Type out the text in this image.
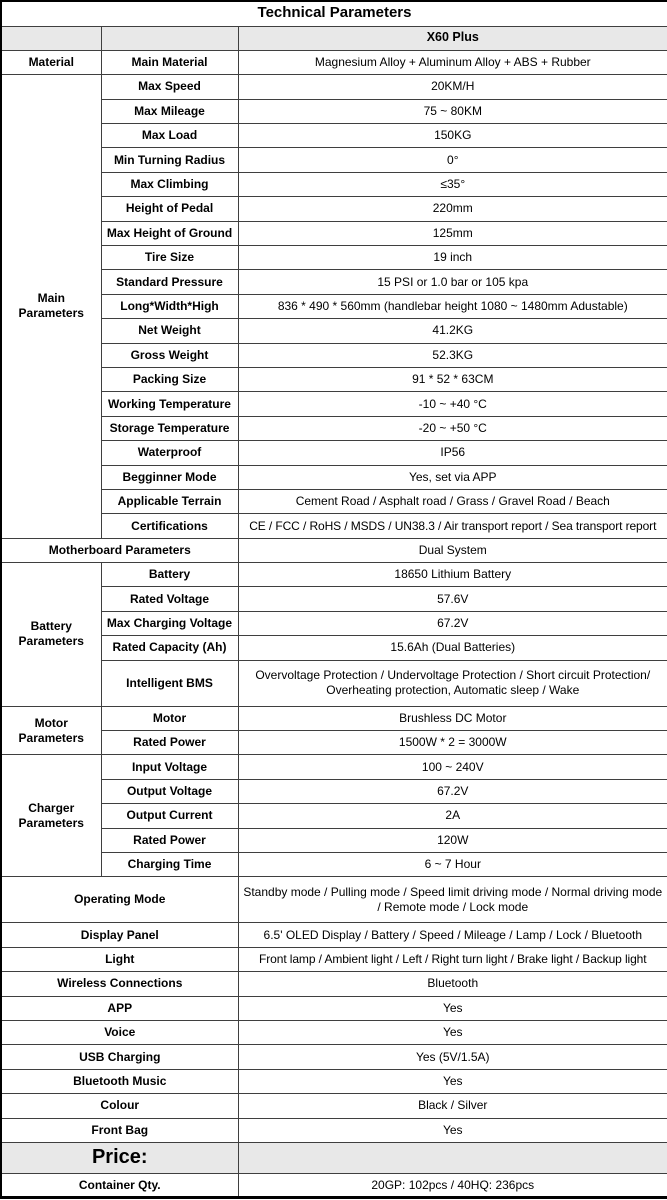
Technical Parameters		
		X60 Plus
Material	Main Material	Magnesium Alloy + Aluminum Alloy + ABS + Rubber
Main Parameters	Max Speed	20KM/H
	Max Mileage	75 ~ 80KM
	Max Load	150KG
	Min Turning Radius	0°
	Max Climbing	≤35°
	Height of Pedal	220mm
	Max Height of Ground	125mm
	Tire Size	19 inch
	Standard Pressure	15 PSI or 1.0 bar or 105 kpa
	Long*Width*High	836 * 490 * 560mm (handlebar height 1080 ~ 1480mm Adustable)
	Net Weight	41.2KG
	Gross Weight	52.3KG
	Packing Size	91 * 52 * 63CM
	Working Temperature	-10 ~ +40 °C
	Storage Temperature	-20 ~ +50 °C
	Waterproof	IP56
	Begginner Mode	Yes, set via APP
	Applicable Terrain	Cement Road / Asphalt road / Grass / Gravel Road / Beach
	Certifications	CE / FCC / RoHS / MSDS / UN38.3 / Air transport report / Sea transport report
Motherboard Parameters		Dual System
Battery Parameters	Battery	18650 Lithium Battery
	Rated Voltage	57.6V
	Max Charging Voltage	67.2V
	Rated Capacity (Ah)	15.6Ah (Dual Batteries)
	Intelligent BMS	Overvoltage Protection / Undervoltage Protection / Short circuit Protection/ Overheating protection, Automatic sleep / Wake
Motor Parameters	Motor	Brushless DC Motor
	Rated Power	1500W * 2 = 3000W
Charger Parameters	Input Voltage	100 ~ 240V
	Output Voltage	67.2V
	Output Current	2A
	Rated Power	120W
	Charging Time	6 ~ 7 Hour
Operating Mode		Standby mode / Pulling mode / Speed limit driving mode / Normal driving mode / Remote mode / Lock mode
Display Panel		6.5' OLED Display / Battery / Speed / Mileage / Lamp / Lock / Bluetooth
Light		Front lamp / Ambient light / Left / Right turn light / Brake light / Backup light
Wireless Connections		Bluetooth
APP		Yes
Voice		Yes
USB Charging		Yes (5V/1.5A)
Bluetooth Music		Yes
Colour		Black / Silver
Front Bag		Yes
Price:		
Container Qty.		20GP: 102pcs / 40HQ: 236pcs
